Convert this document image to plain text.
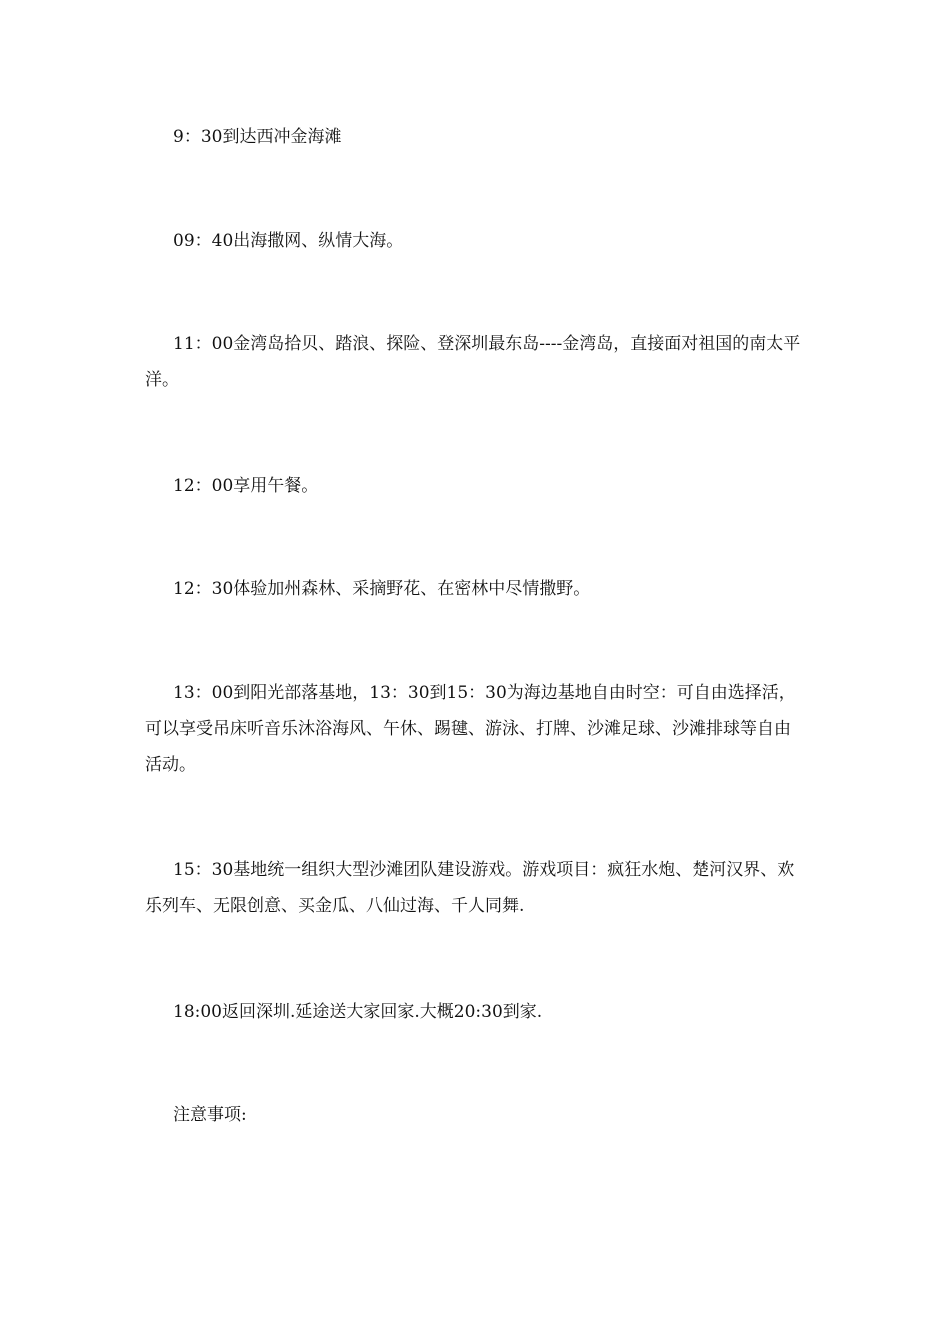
9：30到达西冲金海滩

09：40出海撒网、纵情大海。

11：00金湾岛拾贝、踏浪、探险、登深圳最东岛----金湾岛，直接面对祖国的南太平洋。

12：00享用午餐。

12：30体验加州森林、采摘野花、在密林中尽情撒野。

13：00到阳光部落基地，13：30到15：30为海边基地自由时空：可自由选择活，可以享受吊床听音乐沐浴海风、午休、踢毽、游泳、打牌、沙滩足球、沙滩排球等自由活动。

15：30基地统一组织大型沙滩团队建设游戏。游戏项目：疯狂水炮、楚河汉界、欢乐列车、无限创意、买金瓜、八仙过海、千人同舞.

18:00返回深圳.延途送大家回家.大概20:30到家.

注意事项:
